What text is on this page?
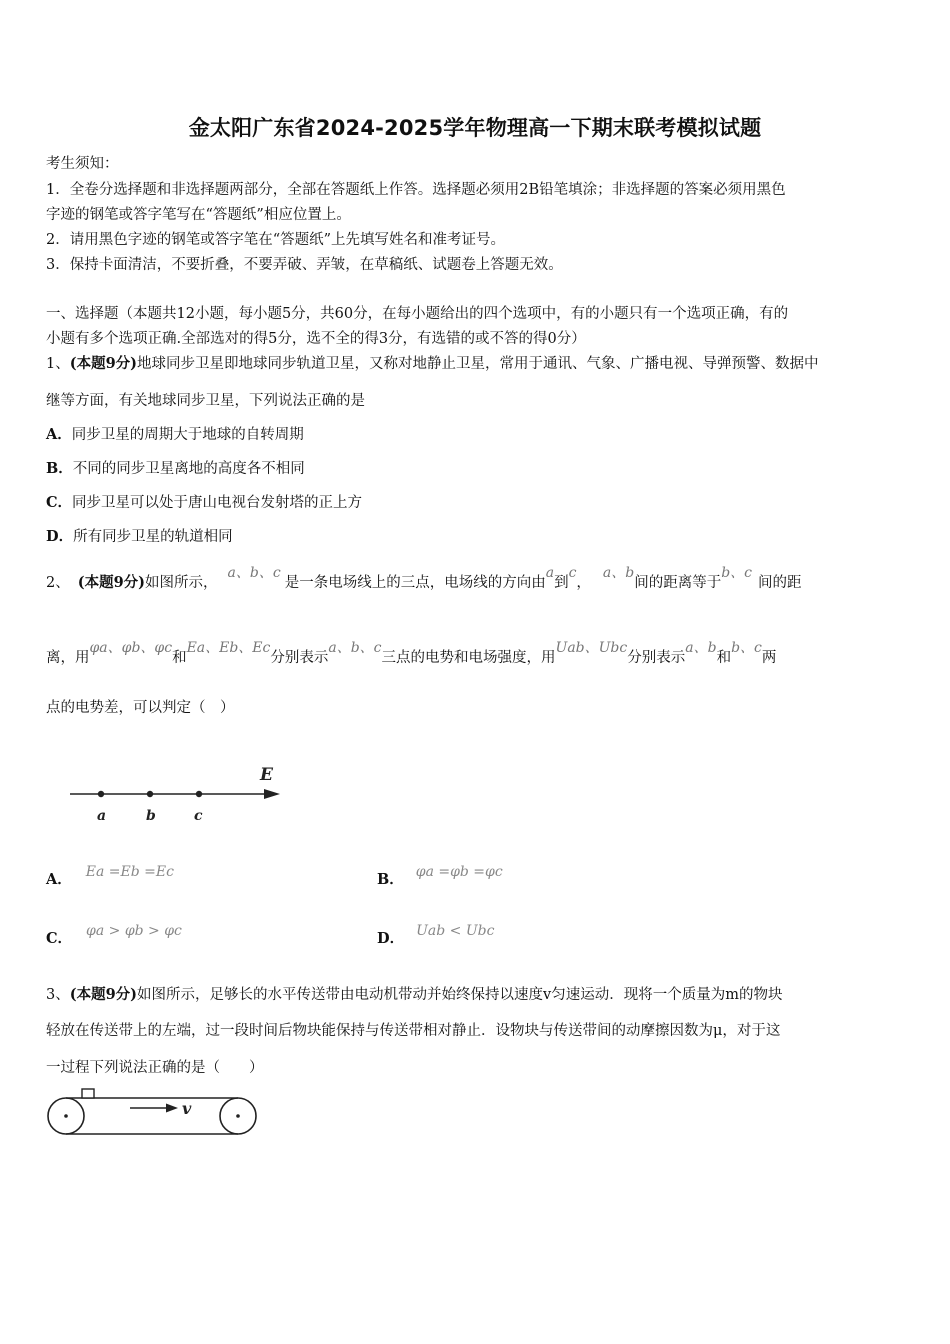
金太阳广东省2024-2025学年物理高一下期末联考模拟试题
考生须知：
1．全卷分选择题和非选择题两部分，全部在答题纸上作答。选择题必须用2B铅笔填涂；非选择题的答案必须用黑色
字迹的钢笔或答字笔写在“答题纸”相应位置上。
2．请用黑色字迹的钢笔或答字笔在“答题纸”上先填写姓名和准考证号。
3．保持卡面清洁，不要折叠，不要弄破、弄皱，在草稿纸、试题卷上答题无效。
一、选择题（本题共12小题，每小题5分，共60分，在每小题给出的四个选项中，有的小题只有一个选项正确，有的
小题有多个选项正确.全部选对的得5分，选不全的得3分，有选错的或不答的得0分）
1、(本题9分)地球同步卫星即地球同步轨道卫星，又称对地静止卫星，常用于通讯、气象、广播电视、导弹预警、数据中
继等方面，有关地球同步卫星，下列说法正确的是
A．同步卫星的周期大于地球的自转周期
B．不同的同步卫星离地的高度各不相同
C．同步卫星可以处于唐山电视台发射塔的正上方
D．所有同步卫星的轨道相同
2、 (本题9分)如图所示，a、b、c是一条电场线上的三点，电场线的方向由a到c，a、b间的距离等于b、c间的距
离，用φa、φb、φc和Ea、Eb、Ec分别表示a、b、c三点的电势和电场强度，用Uab、Ubc分别表示a、b和b、c两
点的电势差，可以判定（　）
E
a	b	c
A． Ea =Eb =Ec	B． φa =φb =φc
C． φa > φb > φc	D． Uab < Ubc
3、(本题9分)如图所示，足够长的水平传送带由电动机带动并始终保持以速度v匀速运动．现将一个质量为m的物块
轻放在传送带上的左端，过一段时间后物块能保持与传送带相对静止．设物块与传送带间的动摩擦因数为μ，对于这
一过程下列说法正确的是（　　）
v
